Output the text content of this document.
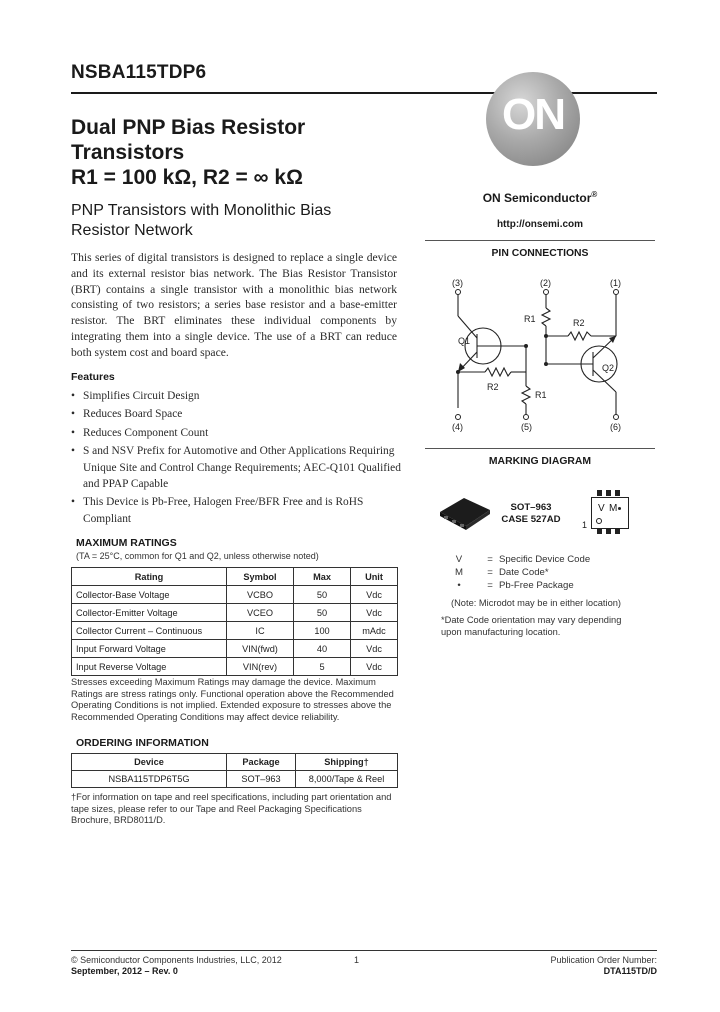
NSBA115TDP6
Dual PNP Bias Resistor
Transistors
R1 = 100 kΩ, R2 = ∞ kΩ
PNP Transistors with Monolithic Bias
Resistor Network
This series of digital transistors is designed to replace a single device and its external resistor bias network. The Bias Resistor Transistor (BRT) contains a single transistor with a monolithic bias network consisting of two resistors; a series base resistor and a base-emitter resistor. The BRT eliminates these individual components by integrating them into a single device. The use of a BRT can reduce both system cost and board space.
Features
• Simplifies Circuit Design
• Reduces Board Space
• Reduces Component Count
• S and NSV Prefix for Automotive and Other Applications Requiring Unique Site and Control Change Requirements; AEC-Q101 Qualified and PPAP Capable
• This Device is Pb-Free, Halogen Free/BFR Free and is RoHS Compliant
MAXIMUM RATINGS
(TA = 25°C, common for Q1 and Q2, unless otherwise noted)
Rating	Symbol	Max	Unit
Collector-Base Voltage	VCBO	50	Vdc
Collector-Emitter Voltage	VCEO	50	Vdc
Collector Current – Continuous	IC	100	mAdc
Input Forward Voltage	VIN(fwd)	40	Vdc
Input Reverse Voltage	VIN(rev)	5	Vdc
Stresses exceeding Maximum Ratings may damage the device. Maximum Ratings are stress ratings only. Functional operation above the Recommended Operating Conditions is not implied. Extended exposure to stresses above the Recommended Operating Conditions may affect device reliability.
ORDERING INFORMATION
Device	Package	Shipping†
NSBA115TDP6T5G	SOT–963	8,000/Tape & Reel
†For information on tape and reel specifications, including part orientation and tape sizes, please refer to our Tape and Reel Packaging Specifications Brochure, BRD8011/D.
ON
ON Semiconductor®
http://onsemi.com
PIN CONNECTIONS
(3)	(2)	(1)
(4)	(5)	(6)
Q1
Q2
R1	R2
R2
R1
MARKING DIAGRAM
SOT–963
CASE 527AD
V M
1
V	= Specific Device Code
M	= Date Code*
•	= Pb-Free Package
(Note: Microdot may be in either location)
*Date Code orientation may vary depending upon manufacturing location.
© Semiconductor Components Industries, LLC, 2012
September, 2012 – Rev. 0
1	Publication Order Number:
DTA115TD/D
